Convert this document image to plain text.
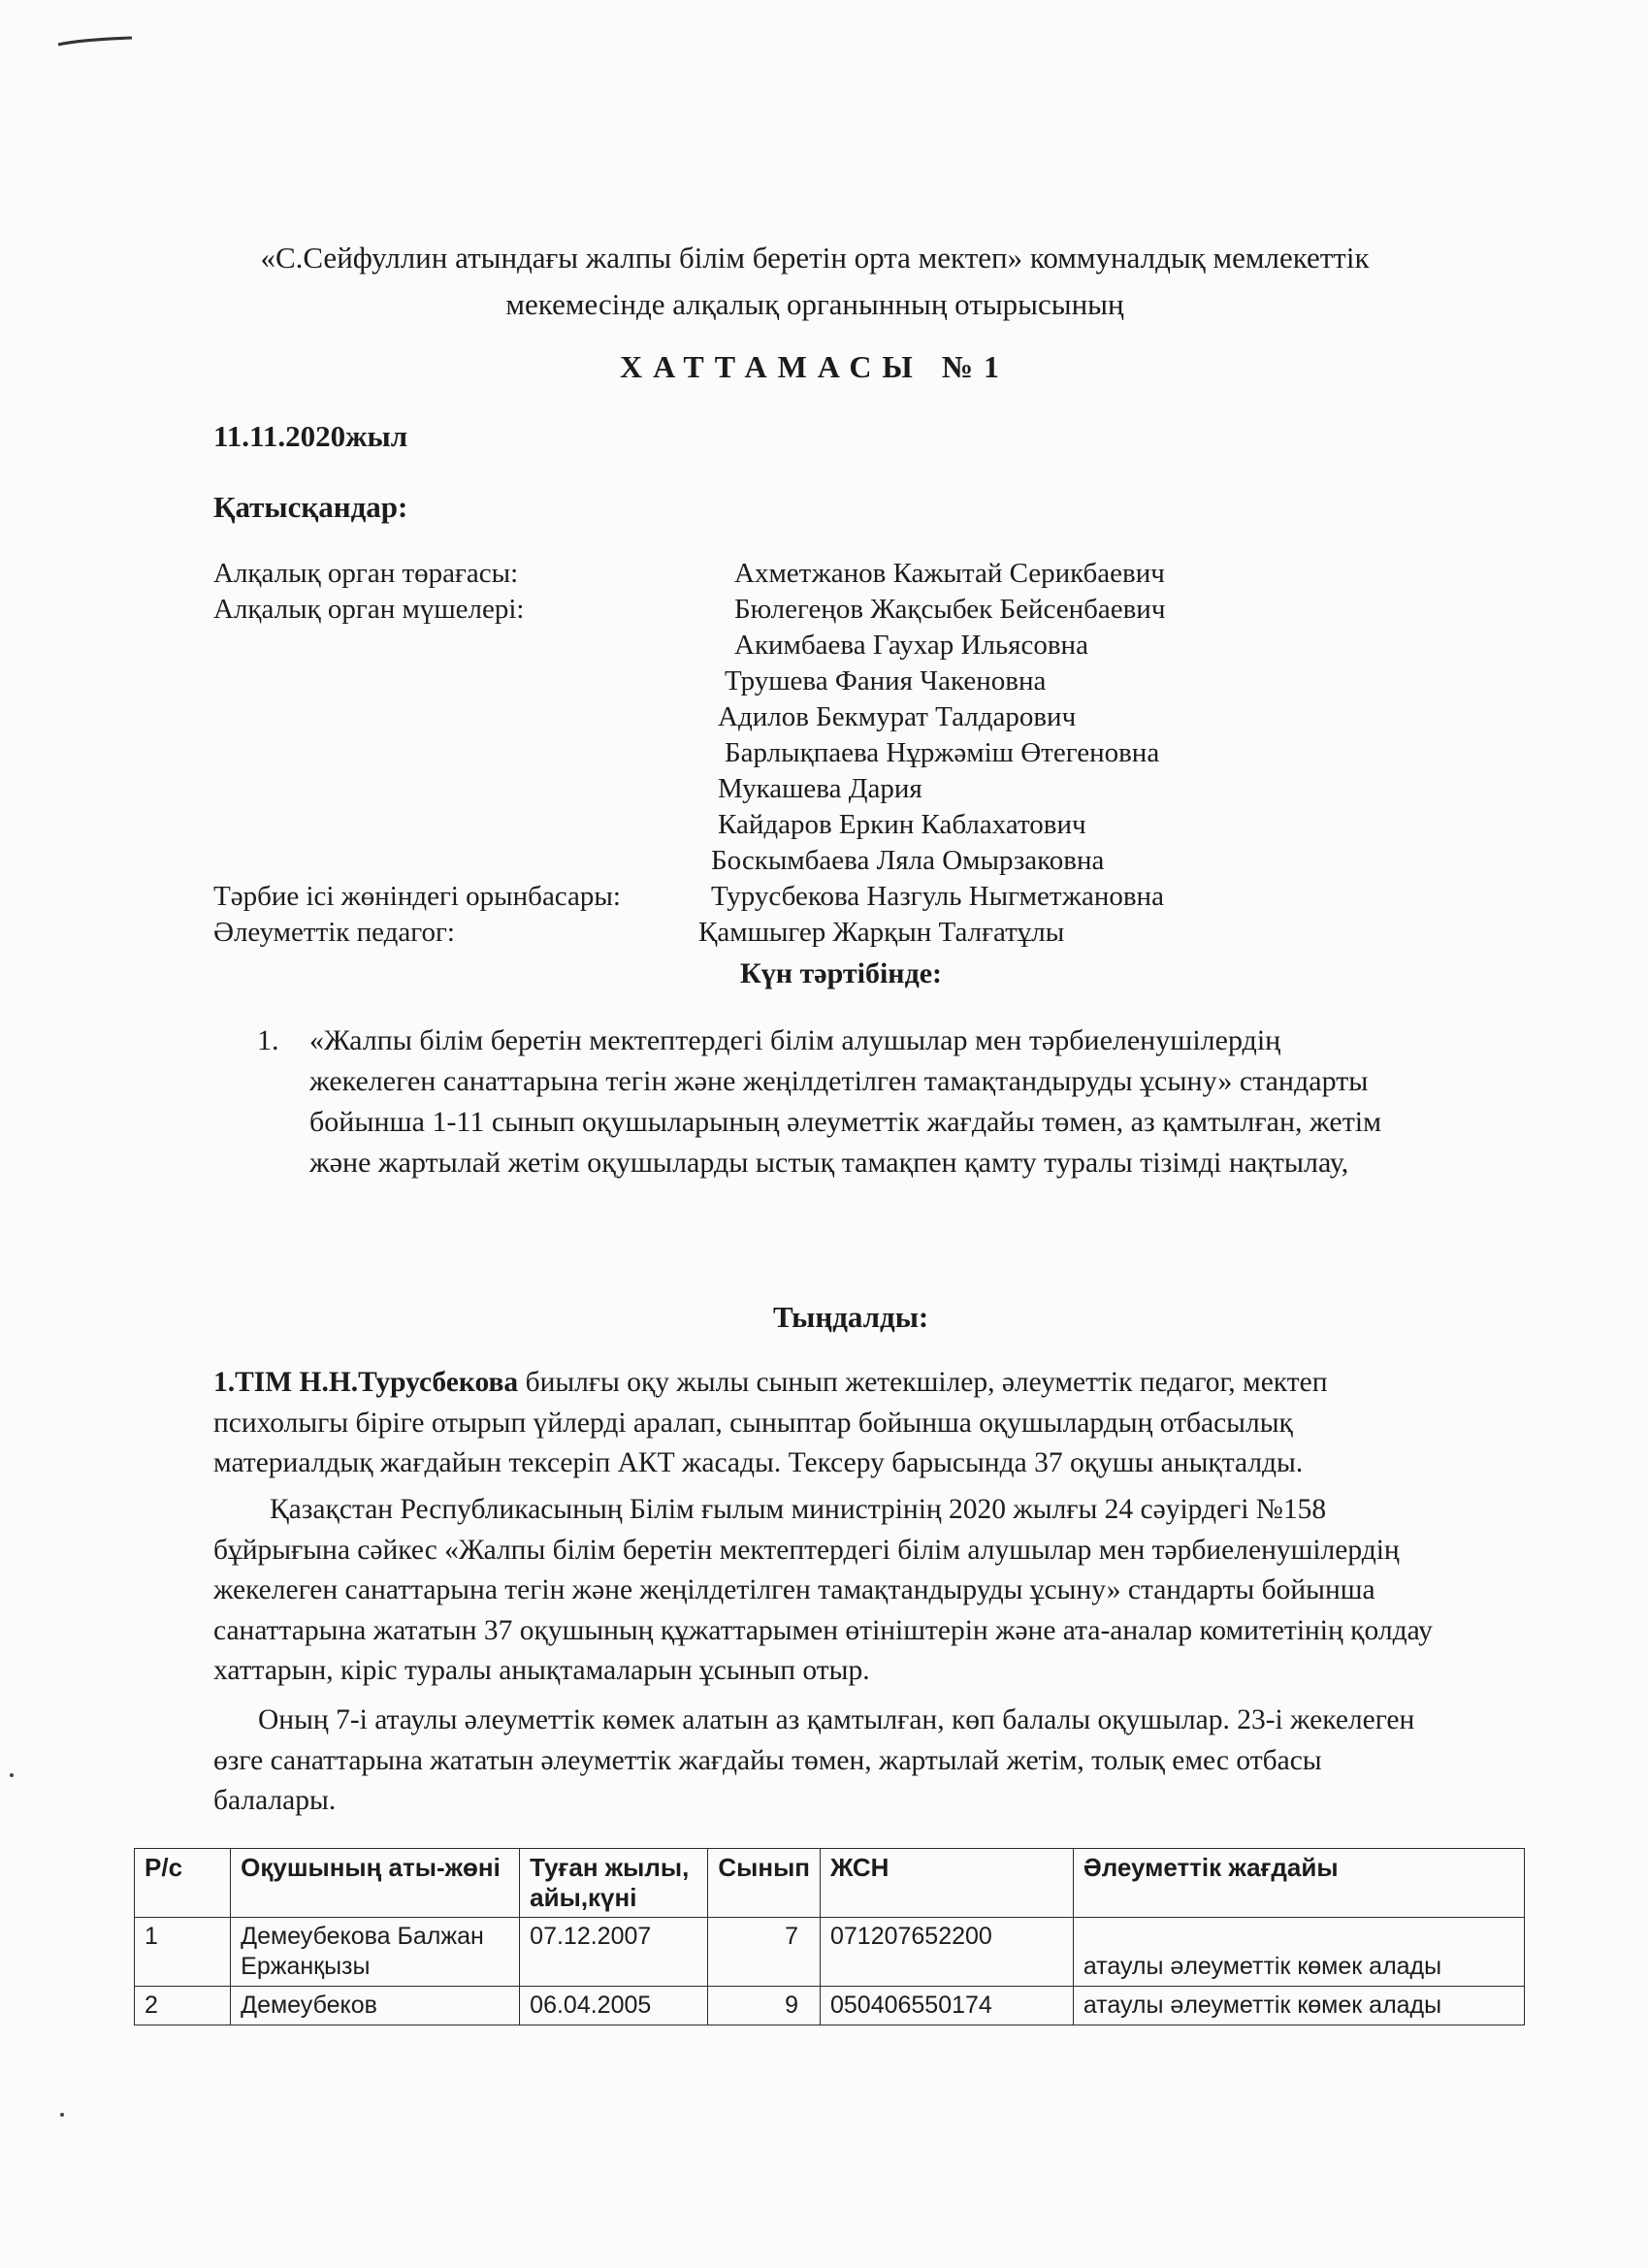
«С.Сейфуллин атындағы жалпы білім беретін орта мектеп» коммуналдық мемлекеттік
мекемесінде алқалық органынның отырысының
ХАТТАМАСЫ №1
11.11.2020жыл
Қатысқандар:
Алқалық орган төрағасы:	Ахметжанов Кажытай Серикбаевич
Алқалық орган мүшелері:	Бюлегеңов Жақсыбек Бейсенбаевич
Акимбаева Гаухар Ильясовна
Трушева Фания Чакеновна
Адилов Бекмурат Талдарович
Барлықпаева Нұржәміш Өтегеновна
Мукашева Дария
Кайдаров Еркин Каблахатович
Боскымбаева Ляла Омырзаковна
Тәрбие ісі жөніндегі орынбасары:	Турусбекова Назгуль Ныгметжановна
Әлеуметтік педагог:	Қамшыгер Жарқын Талғатұлы
Күн тәртібінде:
1. «Жалпы білім беретін мектептердегі білім алушылар мен тәрбиеленушілердің жекелеген санаттарына тегін және жеңілдетілген тамақтандыруды ұсыну» стандарты бойынша 1-11 сынып оқушыларының әлеуметтік жағдайы төмен, аз қамтылған, жетім және жартылай жетім оқушыларды ыстық тамақпен қамту туралы тізімді нақтылау,
Тыңдалды:
1.ТІМ Н.Н.Турусбекова биылғы оқу жылы сынып жетекшілер, әлеуметтік педагог, мектеп психолыгы біріге отырып үйлерді аралап, сыныптар бойынша оқушылардың отбасылық материалдық жағдайын тексеріп АКТ жасады. Тексеру барысында 37 оқушы анықталды.
Қазақстан Республикасының Білім ғылым министрінің 2020 жылғы 24 сәуірдегі №158 бұйрығына сәйкес «Жалпы білім беретін мектептердегі білім алушылар мен тәрбиеленушілердің жекелеген санаттарына тегін және жеңілдетілген тамақтандыруды ұсыну» стандарты бойынша санаттарына жататын 37 оқушының құжаттарымен өтініштерін және ата-аналар комитетінің қолдау хаттарын, кіріс туралы анықтамаларын ұсынып отыр.
Оның 7-і атаулы әлеуметтік көмек алатын аз қамтылған, көп балалы оқушылар. 23-і жекелеген өзге санаттарына жататын әлеуметтік жағдайы төмен, жартылай жетім, толық емес отбасы балалары.
Р/с	Оқушының аты-жөні	Туған жылы, айы,күні	Сынып	ЖСН	Әлеуметтік жағдайы
1	Демеубекова Балжан Ержанқызы	07.12.2007	7	071207652200	атаулы әлеуметтік көмек алады
2	Демеубеков	06.04.2005	9	050406550174	атаулы әлеуметтік көмек алады
